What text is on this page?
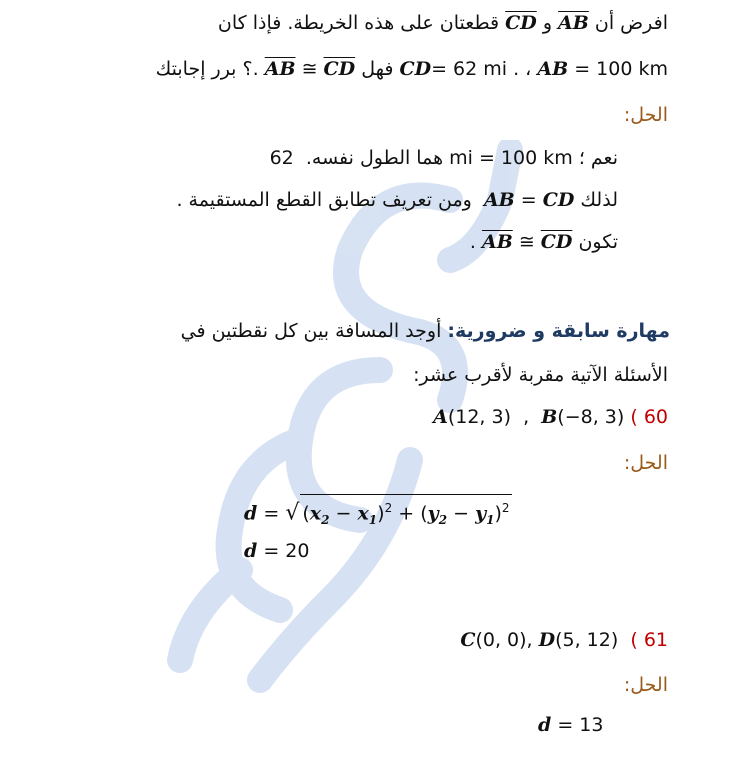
افرض أن AB و CD قطعتان على هذه الخريطة. فإذا كان
؟ برر إجابتك. $\overline{AB}$ ≅ $\overline{CD}$ فهل CD= 62 mi . ، AB = 100 km
الحل:
هما الطول نفسه.  62 mi = 100 km نعم ؛
. ومن تعريف تطابق القطع المستقيمة AB = CD لذلك
. $\overline{AB}$ ≅ $\overline{CD}$ تكون
مهارة سابقة و ضرورية: أوجد المسافة بين كل نقطتين في
الأسئلة الآتية مقربة لأقرب عشر:
A(12, 3) , B(−8, 3) 60 )
الحل:
d = √ $(x_2 - x_1)^2 + (y_2 - y_1)^2$
d = 20
C(0, 0), D(5, 12) 61 )
الحل:
d = 13
